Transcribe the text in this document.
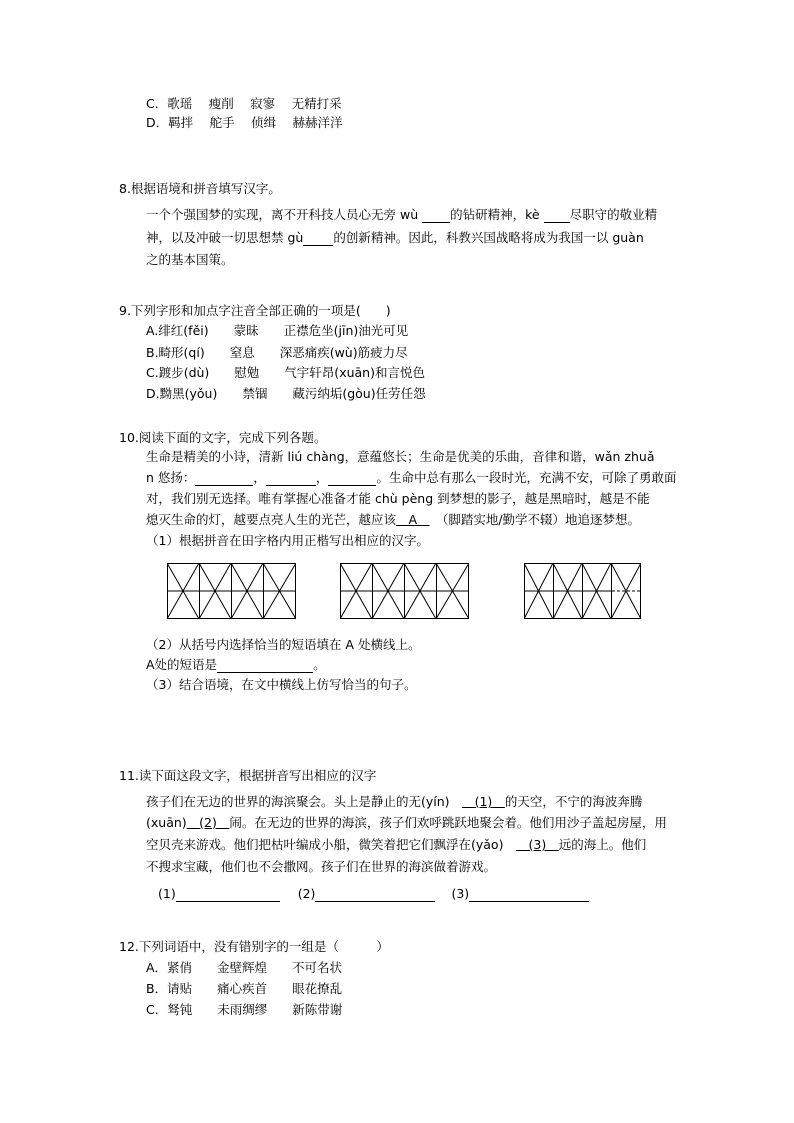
C．歌瑶　 瘦削　 寂寥　 无精打采
D．羁拌　 舵手　 侦缉　 赫赫洋洋
8.根据语境和拼音填写汉字。
一个个强国梦的实现，离不开科技人员心无旁 wù 的钻研精神，kè 尽职守的敬业精
神，以及冲破一切思想禁 gù 的创新精神。因此，科教兴国战略将成为我国一以 guàn
之的基本国策。
9.下列字形和加点字注音全部正确的一项是(　　)
A.绯红(fěi)　　蒙昧　　正襟危坐(jīn)油光可见
B.畸形(qí)　　窒息　　深恶痛疾(wù)筋疲力尽
C.踱步(dù)　　慰勉　　气宇轩昂(xuān)和言悦色
D.黝黑(yǒu)　　禁锢　　藏污纳垢(gòu)任劳任怨
10.阅读下面的文字，完成下列各题。
生命是精美的小诗，清新 liú chàng，意蕴悠长；生命是优美的乐曲，音律和谐，wǎn zhuǎ
n 悠扬：	，	，	。生命中总有那么一段时光，充满不安，可除了勇敢面
对，我们别无选择。唯有掌握心准备才能 chù pèng 到梦想的影子，越是黑暗时，越是不能
熄灭生命的灯，越要点亮人生的光芒，越应该　A　　（脚踏实地/勤学不辍）地追逐梦想。
（1）根据拼音在田字格内用正楷写出相应的汉字。
（2）从括号内选择恰当的短语填在 A 处横线上。
A处的短语是	。
（3）结合语境，在文中横线上仿写恰当的句子。
11.读下面这段文字，根据拼音写出相应的汉字
孩子们在无边的世界的海滨聚会。头上是静止的无(yín)　　 (1)　 的天空，不宁的海波奔腾
(xuān)　 (2)　 闹。在无边的世界的海滨，孩子们欢呼跳跃地聚会着。他们用沙子盖起房屋，用
空贝壳来游戏。他们把枯叶编成小船，微笑着把它们飘浮在(yǎo)　　 (3)　 远的海上。他们
不搜求宝藏，他们也不会撒网。孩子们在世界的海滨做着游戏。
(1)	(2)	(3)
12.下列词语中，没有错别字的一组是（　　　）
A．紧俏　　金壁辉煌　　不可名状
B．请贴　　痛心疾首　　眼花撩乱
C．驽钝　　未雨绸缪　　新陈带谢
